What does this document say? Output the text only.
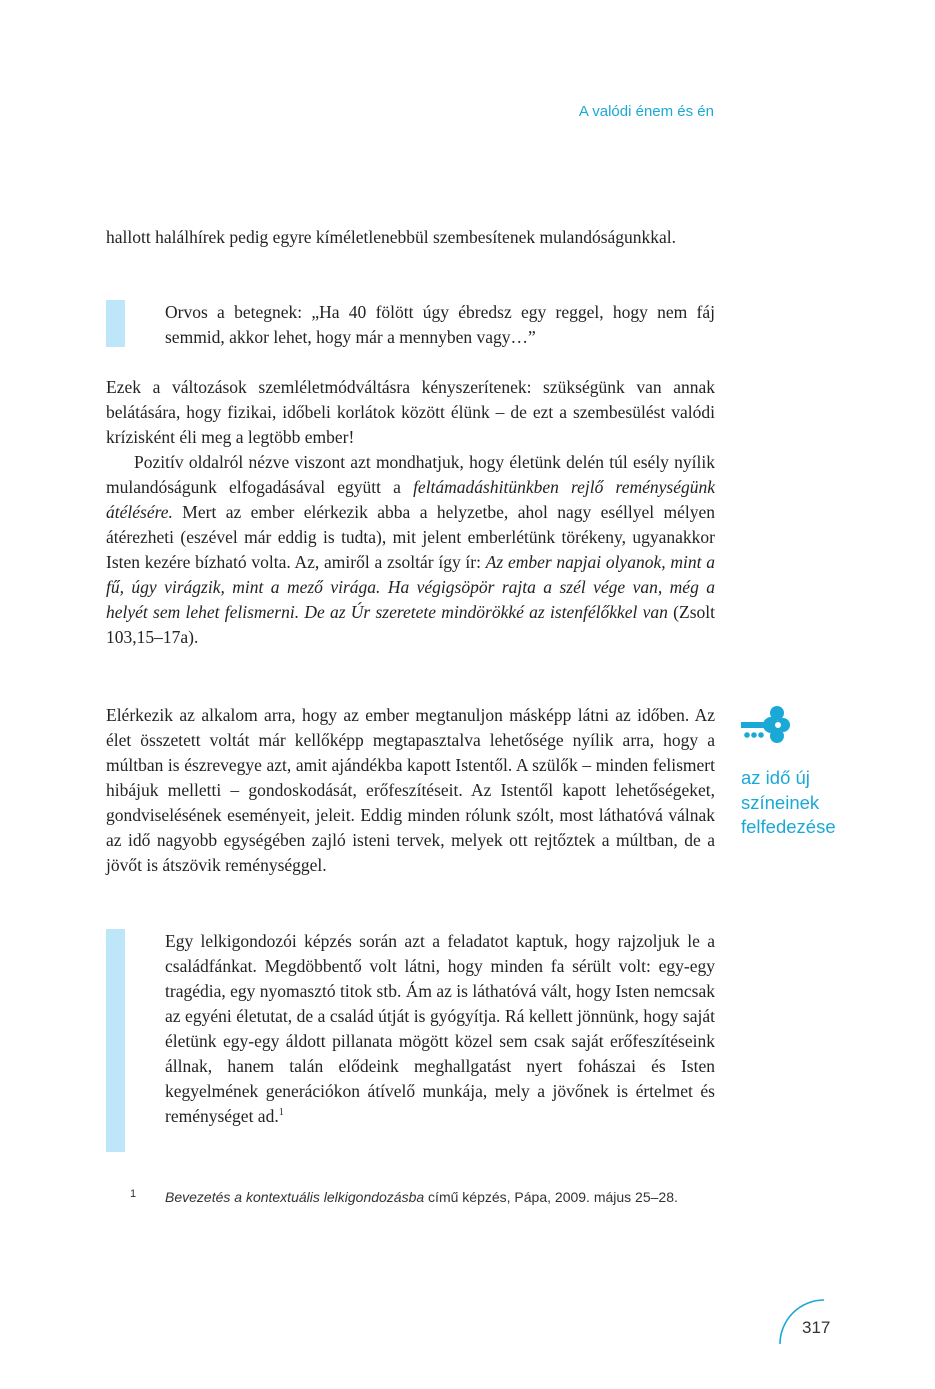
A valódi énem és én

hallott halálhírek pedig egyre kíméletlenebbül szembesítenek mulandóságunkkal.

Orvos a betegnek: „Ha 40 fölött úgy ébredsz egy reggel, hogy nem fáj semmid, akkor lehet, hogy már a mennyben vagy…”

Ezek a változások szemléletmódváltásra kényszerítenek: szükségünk van annak belátására, hogy fizikai, időbeli korlátok között élünk – de ezt a szembesülést valódi krízisként éli meg a legtöbb ember!

Pozitív oldalról nézve viszont azt mondhatjuk, hogy életünk delén túl esély nyílik mulandóságunk elfogadásával együtt a feltámadáshitünkben rejlő reménységünk átélésére. Mert az ember elérkezik abba a helyzetbe, ahol nagy eséllyel mélyen átérezheti (eszével már eddig is tudta), mit jelent emberlétünk törékeny, ugyanakkor Isten kezére bízható volta. Az, amiről a zsoltár így ír: Az ember napjai olyanok, mint a fű, úgy virágzik, mint a mező virága. Ha végigsöpör rajta a szél vége van, még a helyét sem lehet felismerni. De az Úr szeretete mindörökké az istenfélőkkel van (Zsolt 103,15–17a).

Elérkezik az alkalom arra, hogy az ember megtanuljon másképp látni az időben. Az élet összetett voltát már kellőképp megtapasztalva lehetősége nyílik arra, hogy a múltban is észrevegye azt, amit ajándékba kapott Istentől. A szülők – minden felismert hibájuk melletti – gondoskodását, erőfeszítéseit. Az Istentől kapott lehetőségeket, gondviselésének eseményeit, jeleit. Eddig minden rólunk szólt, most láthatóvá válnak az idő nagyobb egységében zajló isteni tervek, melyek ott rejtőztek a múltban, de a jövőt is átszövik reménységgel.

az idő új
színeinek
felfedezése
Egy lelkigondozói képzés során azt a feladatot kaptuk, hogy rajzoljuk le a családfánkat. Megdöbbentő volt látni, hogy minden fa sérült volt: egy-egy tragédia, egy nyomasztó titok stb. Ám az is láthatóvá vált, hogy Isten nemcsak az egyéni életutat, de a család útját is gyógyítja. Rá kellett jönnünk, hogy saját életünk egy-egy áldott pillanata mögött közel sem csak saját erőfeszítéseink állnak, hanem talán elődeink meghallgatást nyert fohászai és Isten kegyelmének generációkon átívelő munkája, mely a jövőnek is értelmet és reménységet ad.$^1$
1 Bevezetés a kontextuális lelkigondozásba című képzés, Pápa, 2009. május 25–28.
317
